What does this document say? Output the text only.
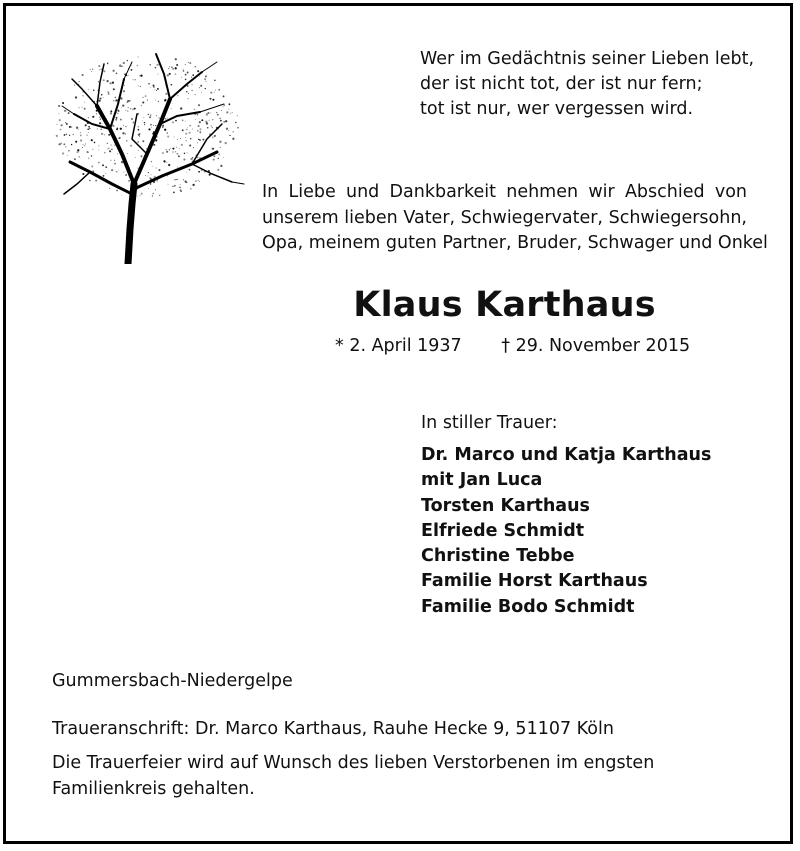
Wer im Gedächtnis seiner Lieben lebt,
der ist nicht tot, der ist nur fern;
tot ist nur, wer vergessen wird.
In Liebe und Dankbarkeit nehmen wir Abschied von
unserem lieben Vater, Schwiegervater, Schwiegersohn,
Opa, meinem guten Partner, Bruder, Schwager und Onkel
Klaus Karthaus
* 2. April 1937 † 29. November 2015
In stiller Trauer:
Dr. Marco und Katja Karthaus
mit Jan Luca
Torsten Karthaus
Elfriede Schmidt
Christine Tebbe
Familie Horst Karthaus
Familie Bodo Schmidt
Gummersbach-Niedergelpe
Traueranschrift: Dr. Marco Karthaus, Rauhe Hecke 9, 51107 Köln
Die Trauerfeier wird auf Wunsch des lieben Verstorbenen im engsten Familienkreis gehalten.
